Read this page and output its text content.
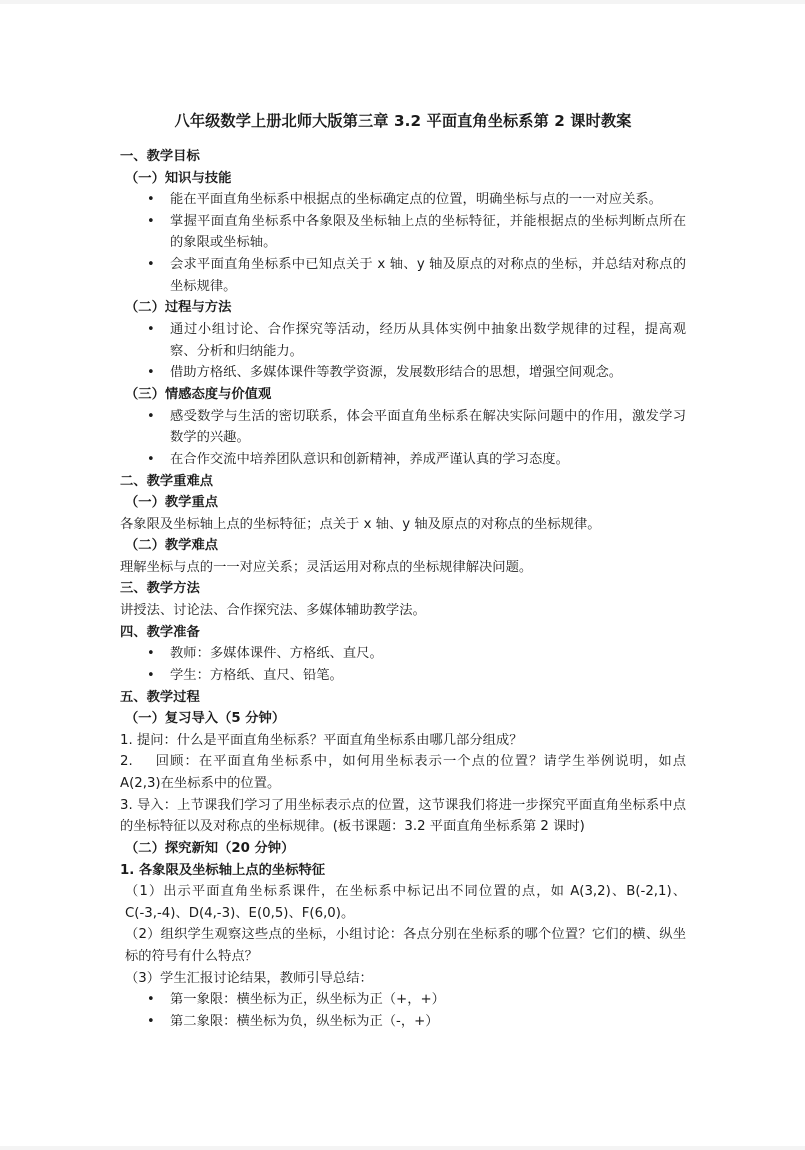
八年级数学上册北师大版第三章 3.2 平面直角坐标系第 2 课时教案
一、教学目标
（一）知识与技能
• 能在平面直角坐标系中根据点的坐标确定点的位置，明确坐标与点的一一对应关系。
• 掌握平面直角坐标系中各象限及坐标轴上点的坐标特征，并能根据点的坐标判断点所在的象限或坐标轴。
• 会求平面直角坐标系中已知点关于 x 轴、y 轴及原点的对称点的坐标，并总结对称点的坐标规律。
（二）过程与方法
• 通过小组讨论、合作探究等活动，经历从具体实例中抽象出数学规律的过程，提高观察、分析和归纳能力。
• 借助方格纸、多媒体课件等教学资源，发展数形结合的思想，增强空间观念。
（三）情感态度与价值观
• 感受数学与生活的密切联系，体会平面直角坐标系在解决实际问题中的作用，激发学习数学的兴趣。
• 在合作交流中培养团队意识和创新精神，养成严谨认真的学习态度。
二、教学重难点
（一）教学重点
各象限及坐标轴上点的坐标特征；点关于 x 轴、y 轴及原点的对称点的坐标规律。
（二）教学难点
理解坐标与点的一一对应关系；灵活运用对称点的坐标规律解决问题。
三、教学方法
讲授法、讨论法、合作探究法、多媒体辅助教学法。
四、教学准备
• 教师：多媒体课件、方格纸、直尺。
• 学生：方格纸、直尺、铅笔。
五、教学过程
（一）复习导入（5 分钟）
1. 提问：什么是平面直角坐标系？平面直角坐标系由哪几部分组成？
2. 回顾：在平面直角坐标系中，如何用坐标表示一个点的位置？请学生举例说明，如点 A(2,3)在坐标系中的位置。
3. 导入：上节课我们学习了用坐标表示点的位置，这节课我们将进一步探究平面直角坐标系中点的坐标特征以及对称点的坐标规律。(板书课题：3.2 平面直角坐标系第 2 课时)
（二）探究新知（20 分钟）
1. 各象限及坐标轴上点的坐标特征
（1）出示平面直角坐标系课件，在坐标系中标记出不同位置的点，如 A(3,2)、B(-2,1)、C(-3,-4)、D(4,-3)、E(0,5)、F(6,0)。
（2）组织学生观察这些点的坐标，小组讨论：各点分别在坐标系的哪个位置？它们的横、纵坐标的符号有什么特点？
（3）学生汇报讨论结果，教师引导总结：
• 第一象限：横坐标为正，纵坐标为正（+，+）
• 第二象限：横坐标为负，纵坐标为正（-，+）
